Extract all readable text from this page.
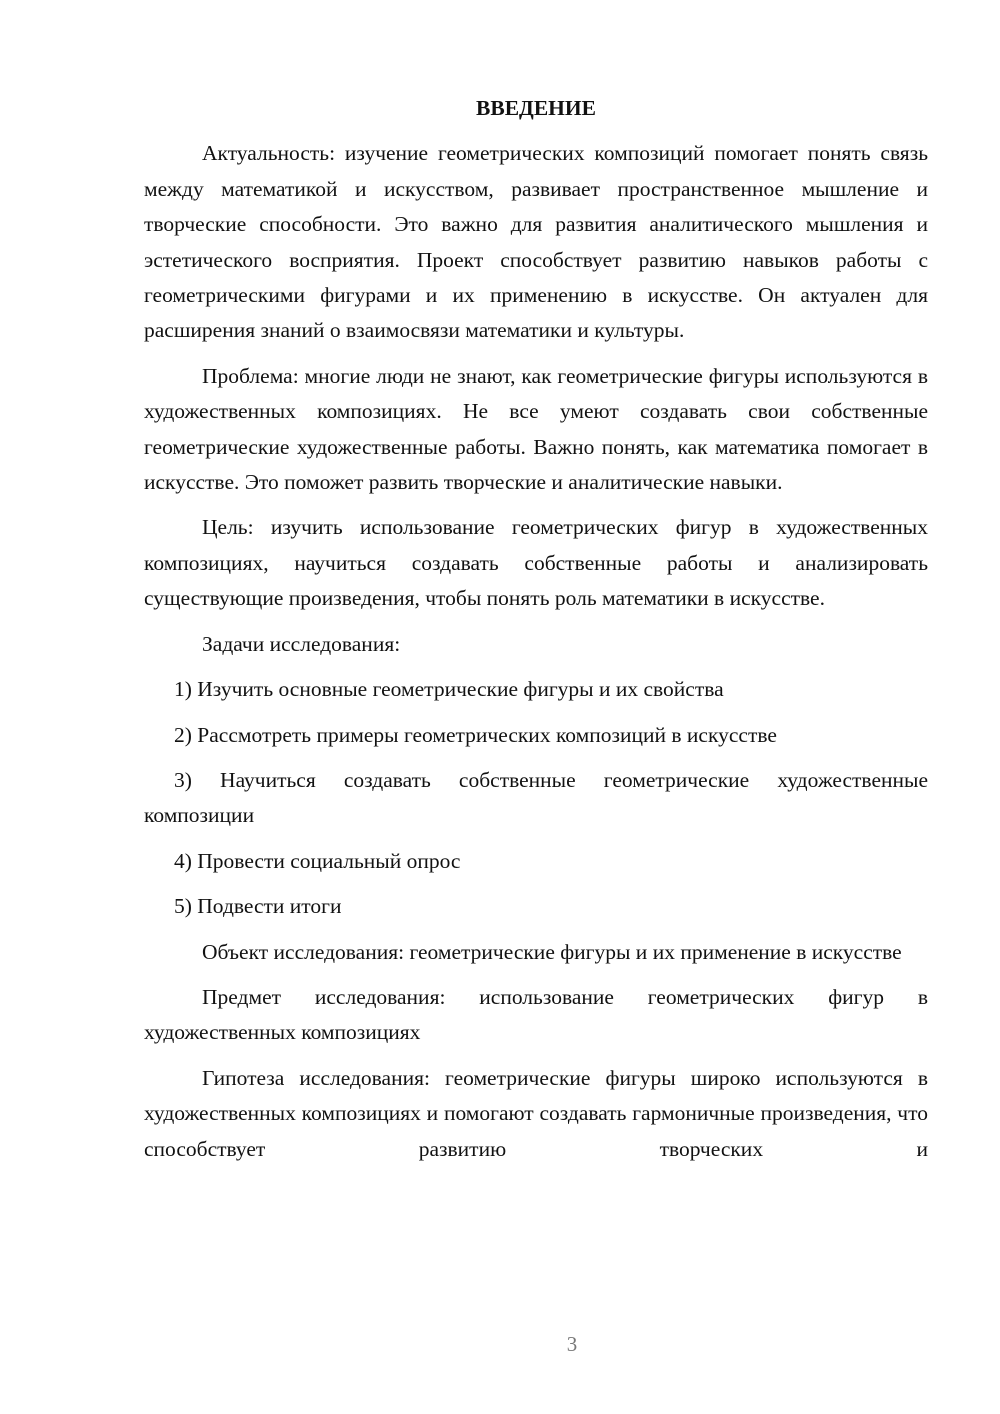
ВВЕДЕНИЕ

Актуальность: изучение геометрических композиций помогает понять связь между математикой и искусством, развивает пространственное мышление и творческие способности. Это важно для развития аналитического мышления и эстетического восприятия. Проект способствует развитию навыков работы с геометрическими фигурами и их применению в искусстве. Он актуален для расширения знаний о взаимосвязи математики и культуры.

Проблема: многие люди не знают, как геометрические фигуры используются в художественных композициях. Не все умеют создавать свои собственные геометрические художественные работы. Важно понять, как математика помогает в искусстве. Это поможет развить творческие и аналитические навыки.

Цель: изучить использование геометрических фигур в художественных композициях, научиться создавать собственные работы и анализировать существующие произведения, чтобы понять роль математики в искусстве.

Задачи исследования:

1) Изучить основные геометрические фигуры и их свойства

2) Рассмотреть примеры геометрических композиций в искусстве

3) Научиться создавать собственные геометрические художественные композиции

4) Провести социальный опрос

5) Подвести итоги

Объект исследования: геометрические фигуры и их применение в искусстве

Предмет исследования: использование геометрических фигур в художественных композициях

Гипотеза исследования: геометрические фигуры широко используются в художественных композициях и помогают создавать гармоничные произведения, что способствует развитию творческих и

3
